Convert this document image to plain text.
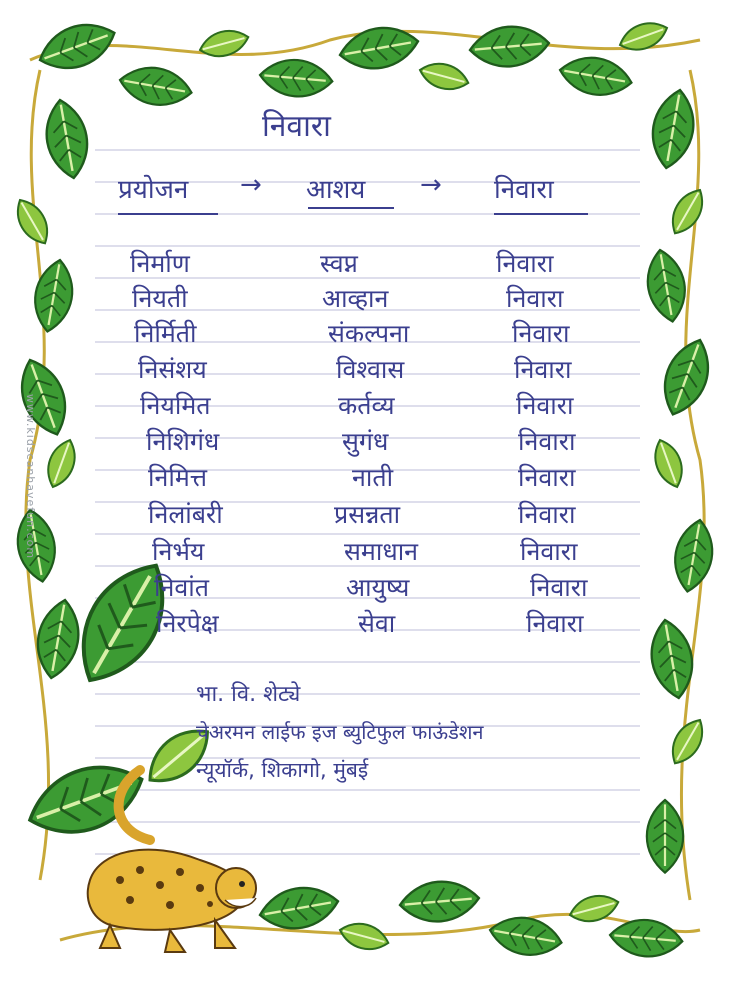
निवारा
प्रयोजन → आशय → निवारा
निर्माण	स्वप्न	निवारा
नियती	आव्हान	निवारा
निर्मिती	संकल्पना	निवारा
निसंशय	विश्वास	निवारा
नियमित	कर्तव्य	निवारा
निशिगंध	सुगंध	निवारा
निमित्त	नाती	निवारा
निलांबरी	प्रसन्नता	निवारा
निर्भय	समाधान	निवारा
निवांत	आयुष्य	निवारा
निरपेक्ष	सेवा	निवारा
भा. वि. शेट्ये
चेअरमन लाईफ इज ब्युटिफुल फाऊंडेशन
न्यूयॉर्क, शिकागो, मुंबई
www.kidscanhavefun.com
